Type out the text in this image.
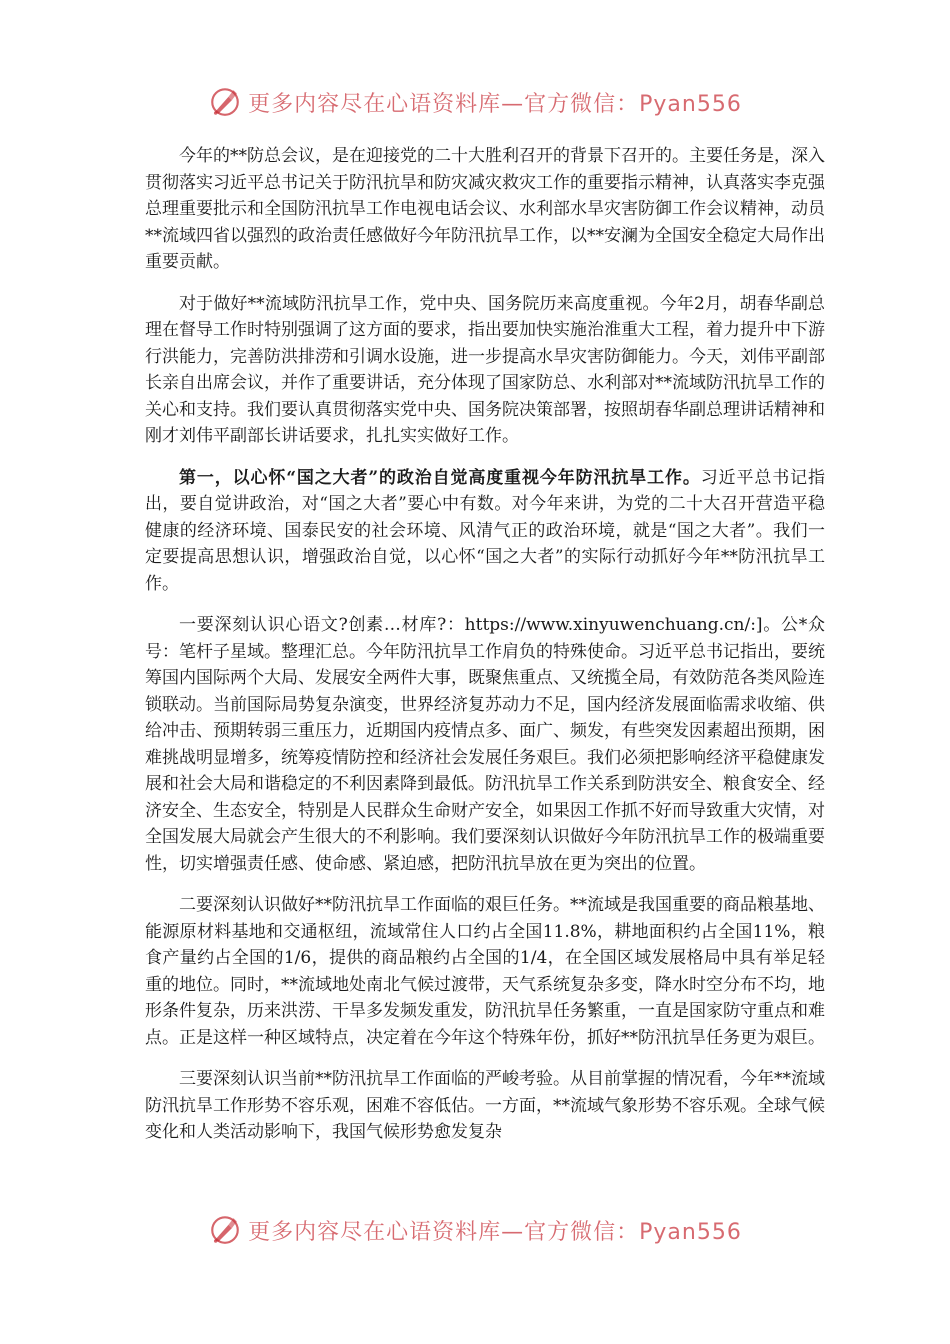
更多内容尽在心语资料库—官方微信：Pyan556

今年的**防总会议，是在迎接党的二十大胜利召开的背景下召开的。主要任务是，深入贯彻落实习近平总书记关于防汛抗旱和防灾减灾救灾工作的重要指示精神，认真落实李克强总理重要批示和全国防汛抗旱工作电视电话会议、水利部水旱灾害防御工作会议精神，动员**流域四省以强烈的政治责任感做好今年防汛抗旱工作，以**安澜为全国安全稳定大局作出重要贡献。

对于做好**流域防汛抗旱工作，党中央、国务院历来高度重视。今年2月，胡春华副总理在督导工作时特别强调了这方面的要求，指出要加快实施治淮重大工程，着力提升中下游行洪能力，完善防洪排涝和引调水设施，进一步提高水旱灾害防御能力。今天，刘伟平副部长亲自出席会议，并作了重要讲话，充分体现了国家防总、水利部对**流域防汛抗旱工作的关心和支持。我们要认真贯彻落实党中央、国务院决策部署，按照胡春华副总理讲话精神和刚才刘伟平副部长讲话要求，扎扎实实做好工作。

第一，以心怀“国之大者”的政治自觉高度重视今年防汛抗旱工作。习近平总书记指出，要自觉讲政治，对“国之大者”要心中有数。对今年来讲，为党的二十大召开营造平稳健康的经济环境、国泰民安的社会环境、风清气正的政治环境，就是“国之大者”。我们一定要提高思想认识，增强政治自觉，以心怀“国之大者”的实际行动抓好今年**防汛抗旱工作。

一要深刻认识心语文?创素…材库?：https://www.xinyuwenchuang.cn/:]。公*众号：笔杆子星域。整理汇总。今年防汛抗旱工作肩负的特殊使命。习近平总书记指出，要统筹国内国际两个大局、发展安全两件大事，既聚焦重点、又统揽全局，有效防范各类风险连锁联动。当前国际局势复杂演变，世界经济复苏动力不足，国内经济发展面临需求收缩、供给冲击、预期转弱三重压力，近期国内疫情点多、面广、频发，有些突发因素超出预期，困难挑战明显增多，统筹疫情防控和经济社会发展任务艰巨。我们必须把影响经济平稳健康发展和社会大局和谐稳定的不利因素降到最低。防汛抗旱工作关系到防洪安全、粮食安全、经济安全、生态安全，特别是人民群众生命财产安全，如果因工作抓不好而导致重大灾情，对全国发展大局就会产生很大的不利影响。我们要深刻认识做好今年防汛抗旱工作的极端重要性，切实增强责任感、使命感、紧迫感，把防汛抗旱放在更为突出的位置。

二要深刻认识做好**防汛抗旱工作面临的艰巨任务。**流域是我国重要的商品粮基地、能源原材料基地和交通枢纽，流域常住人口约占全国11.8%，耕地面积约占全国11%，粮食产量约占全国的1/6，提供的商品粮约占全国的1/4，在全国区域发展格局中具有举足轻重的地位。同时，**流域地处南北气候过渡带，天气系统复杂多变，降水时空分布不均，地形条件复杂，历来洪涝、干旱多发频发重发，防汛抗旱任务繁重，一直是国家防守重点和难点。正是这样一种区域特点，决定着在今年这个特殊年份，抓好**防汛抗旱任务更为艰巨。

三要深刻认识当前**防汛抗旱工作面临的严峻考验。从目前掌握的情况看，今年**流域防汛抗旱工作形势不容乐观，困难不容低估。一方面，**流域气象形势不容乐观。全球气候变化和人类活动影响下，我国气候形势愈发复杂

更多内容尽在心语资料库—官方微信：Pyan556
